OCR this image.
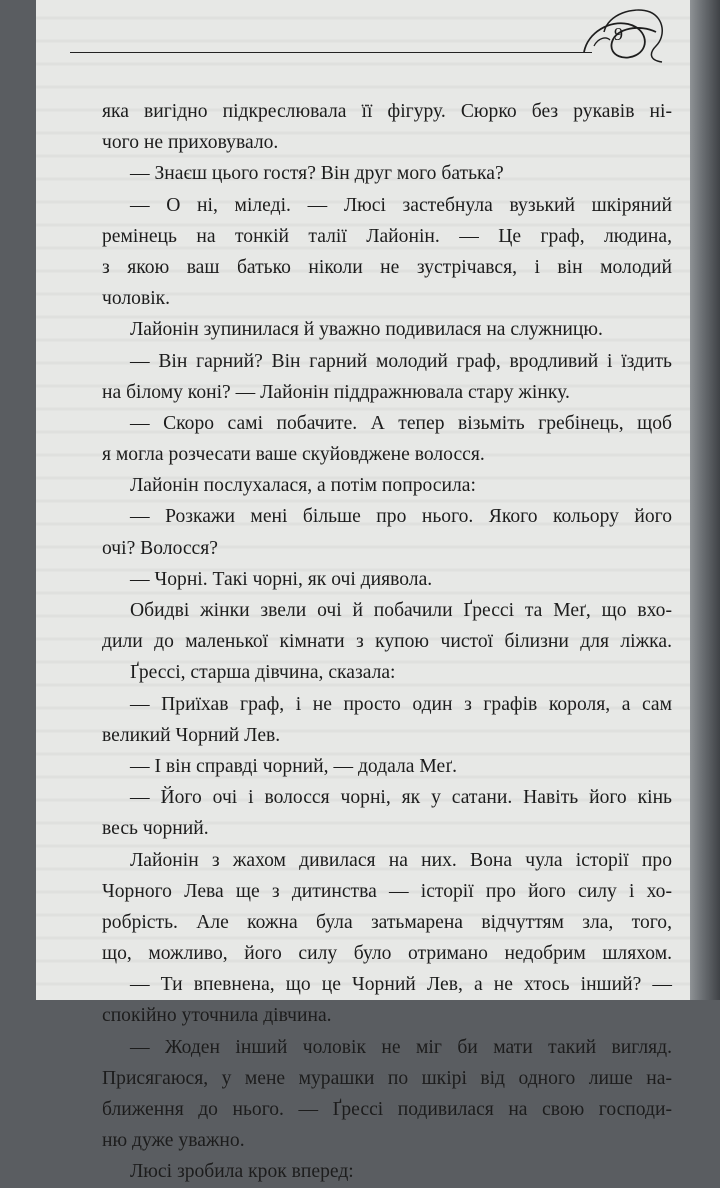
9
яка вигідно підкреслювала її фігуру. Сюрко без рукавів ні-
чого не приховувало.
— Знаєш цього гостя? Він друг мого батька?
— О ні, міледі. — Люсі застебнула вузький шкіряний
ремінець на тонкій талії Лайонін. — Це граф, людина,
з якою ваш батько ніколи не зустрічався, і він молодий
чоловік.
Лайонін зупинилася й уважно подивилася на служницю.
— Він гарний? Він гарний молодий граф, вродливий і їздить
на білому коні? — Лайонін піддражнювала стару жінку.
— Скоро самі побачите. А тепер візьміть гребінець, щоб
я могла розчесати ваше скуйовджене волосся.
Лайонін послухалася, а потім попросила:
— Розкажи мені більше про нього. Якого кольору його
очі? Волосся?
— Чорні. Такі чорні, як очі диявола.
Обидві жінки звели очі й побачили Ґрессі та Меґ, що вхо-
дили до маленької кімнати з купою чистої білизни для ліжка.
Ґрессі, старша дівчина, сказала:
— Приїхав граф, і не просто один з графів короля, а сам
великий Чорний Лев.
— І він справді чорний, — додала Меґ.
— Його очі і волосся чорні, як у сатани. Навіть його кінь
весь чорний.
Лайонін з жахом дивилася на них. Вона чула історії про
Чорного Лева ще з дитинства — історії про його силу і хо-
робрість. Але кожна була затьмарена відчуттям зла, того,
що, можливо, його силу було отримано недобрим шляхом.
— Ти впевнена, що це Чорний Лев, а не хтось інший? —
спокійно уточнила дівчина.
— Жоден інший чоловік не міг би мати такий вигляд.
Присягаюся, у мене мурашки по шкірі від одного лише на-
ближення до нього. — Ґрессі подивилася на свою господи-
ню дуже уважно.
Люсі зробила крок вперед:
